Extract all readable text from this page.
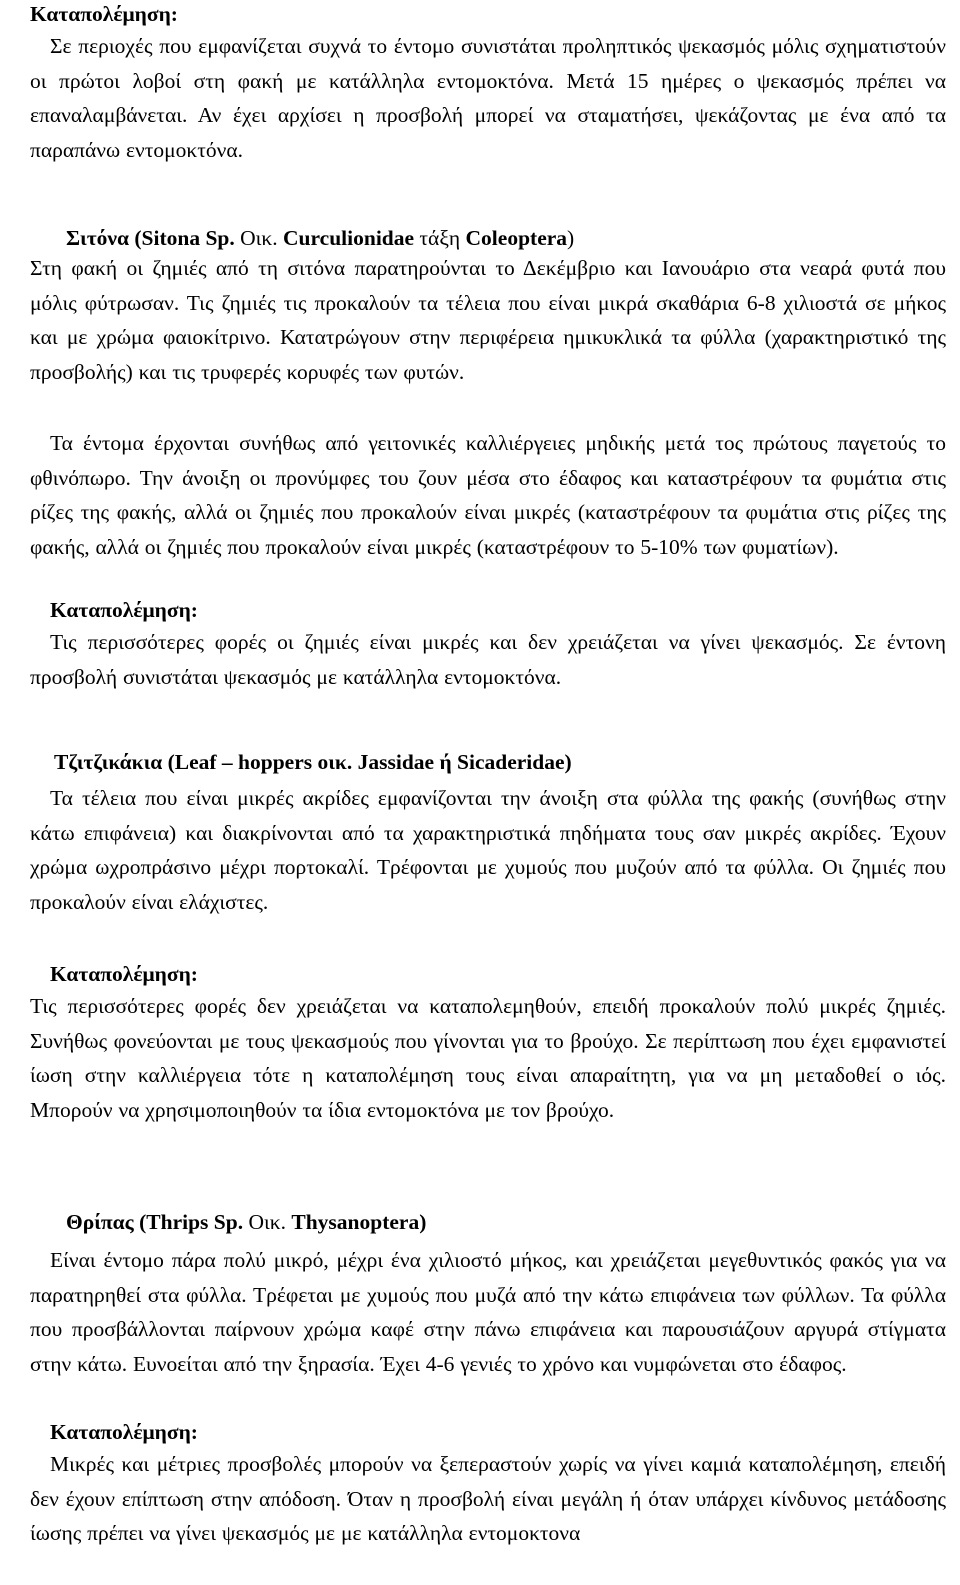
Καταπολέμηση:

Σε περιοχές που εμφανίζεται συχνά το έντομο συνιστάται προληπτικός ψεκασμός μόλις σχηματιστούν οι πρώτοι λοβοί στη φακή με κατάλληλα εντομοκτόνα. Μετά 15 ημέρες ο ψεκασμός πρέπει να επαναλαμβάνεται. Αν έχει αρχίσει η προσβολή μπορεί να σταματήσει, ψεκάζοντας με ένα από τα παραπάνω εντομοκτόνα.

Σιτόνα (Sitona Sp. Οικ. Curculionidae τάξη Coleoptera)

Στη φακή οι ζημιές από τη σιτόνα παρατηρούνται το Δεκέμβριο και Ιανουάριο στα νεαρά φυτά που μόλις φύτρωσαν. Τις ζημιές τις προκαλούν τα τέλεια που είναι μικρά σκαθάρια 6-8 χιλιοστά σε μήκος και με χρώμα φαιοκίτρινο. Κατατρώγουν στην περιφέρεια ημικυκλικά τα φύλλα (χαρακτηριστικό της προσβολής) και τις τρυφερές κορυφές των φυτών.

Τα έντομα έρχονται συνήθως από γειτονικές καλλιέργειες μηδικής μετά τος πρώτους παγετούς το φθινόπωρο. Την άνοιξη οι προνύμφες του ζουν μέσα στο έδαφος και καταστρέφουν τα φυμάτια στις ρίζες της φακής, αλλά οι ζημιές που προκαλούν είναι μικρές (καταστρέφουν τα φυμάτια στις ρίζες της φακής, αλλά οι ζημιές που προκαλούν είναι μικρές (καταστρέφουν το 5-10% των φυματίων).

Καταπολέμηση:

Τις περισσότερες φορές οι ζημιές είναι μικρές και δεν χρειάζεται να γίνει ψεκασμός. Σε έντονη προσβολή συνιστάται ψεκασμός με κατάλληλα εντομοκτόνα.

Τζιτζικάκια (Leaf – hoppers οικ. Jassidae ή Sicaderidae)

Τα τέλεια που είναι μικρές ακρίδες εμφανίζονται την άνοιξη στα φύλλα της φακής (συνήθως στην κάτω επιφάνεια) και διακρίνονται από τα χαρακτηριστικά πηδήματα τους σαν μικρές ακρίδες. Έχουν χρώμα ωχροπράσινο μέχρι πορτοκαλί. Τρέφονται με χυμούς που μυζούν από τα φύλλα. Οι ζημιές που προκαλούν είναι ελάχιστες.

Καταπολέμηση:

Τις περισσότερες φορές δεν χρειάζεται να καταπολεμηθούν, επειδή προκαλούν πολύ μικρές ζημιές. Συνήθως φονεύονται με τους ψεκασμούς που γίνονται για το βρούχο. Σε περίπτωση που έχει εμφανιστεί ίωση στην καλλιέργεια τότε η καταπολέμηση τους είναι απαραίτητη, για να μη μεταδοθεί ο ιός. Μπορούν να χρησιμοποιηθούν τα ίδια εντομοκτόνα με τον βρούχο.

Θρίπας (Thrips Sp. Οικ. Thysanoptera)

Είναι έντομο πάρα πολύ μικρό, μέχρι ένα χιλιοστό μήκος, και χρειάζεται μεγεθυντικός φακός για να παρατηρηθεί στα φύλλα. Τρέφεται με χυμούς που μυζά από την κάτω επιφάνεια των φύλλων. Τα φύλλα που προσβάλλονται παίρνουν χρώμα καφέ στην πάνω επιφάνεια και παρουσιάζουν αργυρά στίγματα στην κάτω. Ευνοείται από την ξηρασία. Έχει 4-6 γενιές το χρόνο και νυμφώνεται στο έδαφος.

Καταπολέμηση:

Μικρές και μέτριες προσβολές μπορούν να ξεπεραστούν χωρίς να γίνει καμιά καταπολέμηση, επειδή δεν έχουν επίπτωση στην απόδοση. Όταν η προσβολή είναι μεγάλη ή όταν υπάρχει κίνδυνος μετάδοσης ίωσης πρέπει να γίνει ψεκασμός με με κατάλληλα εντομοκτονα
